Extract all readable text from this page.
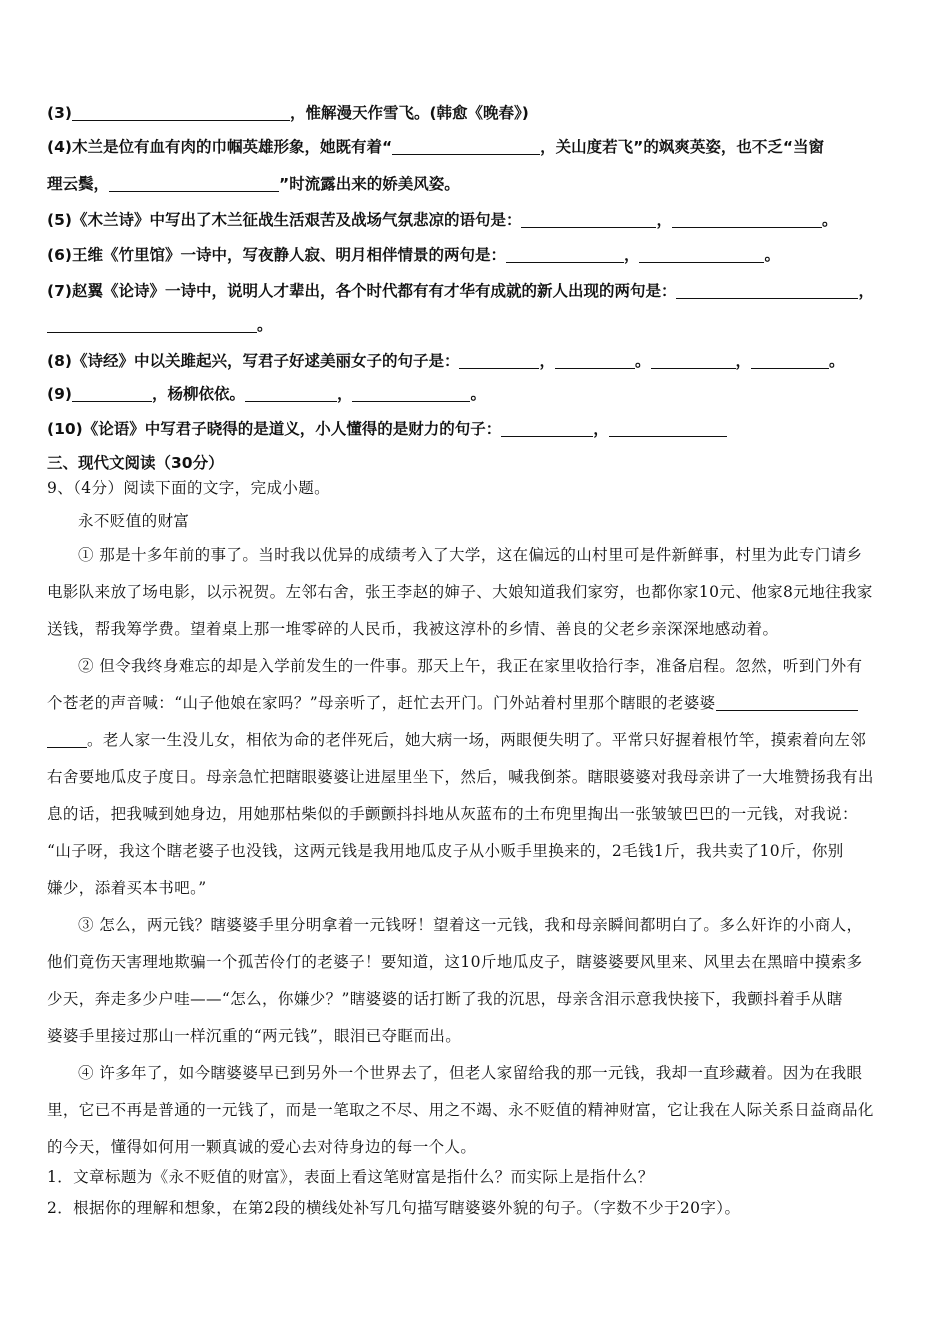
(3)	，惟解漫天作雪飞。(韩愈《晚春》)
(4)木兰是位有血有肉的巾帼英雄形象，她既有着“	，关山度若飞”的飒爽英姿，也不乏“当窗
理云鬓，	”时流露出来的娇美风姿。
(5)《木兰诗》中写出了木兰征战生活艰苦及战场气氛悲凉的语句是：	，	。
(6)王维《竹里馆》一诗中，写夜静人寂、明月相伴情景的两句是：	，	。
(7)赵翼《论诗》一诗中，说明人才辈出，各个时代都有有才华有成就的新人出现的两句是：	，
。
(8)《诗经》中以关雎起兴，写君子好逑美丽女子的句子是：	，	。	，	。
(9)	，杨柳依依。	，	。
(10)《论语》中写君子晓得的是道义，小人懂得的是财力的句子：	，
三、现代文阅读（30分）
9、（4分）阅读下面的文字，完成小题。
永不贬值的财富
① 那是十多年前的事了。当时我以优异的成绩考入了大学，这在偏远的山村里可是件新鲜事，村里为此专门请乡
电影队来放了场电影，以示祝贺。左邻右舍，张王李赵的婶子、大娘知道我们家穷，也都你家10元、他家8元地往我家
送钱，帮我筹学费。望着桌上那一堆零碎的人民币，我被这淳朴的乡情、善良的父老乡亲深深地感动着。
② 但令我终身难忘的却是入学前发生的一件事。那天上午，我正在家里收拾行李，准备启程。忽然，听到门外有
个苍老的声音喊：“山子他娘在家吗？”母亲听了，赶忙去开门。门外站着村里那个瞎眼的老婆婆
。老人家一生没儿女，相依为命的老伴死后，她大病一场，两眼便失明了。平常只好握着根竹竿，摸索着向左邻
右舍要地瓜皮子度日。母亲急忙把瞎眼婆婆让进屋里坐下，然后，喊我倒茶。瞎眼婆婆对我母亲讲了一大堆赞扬我有出
息的话，把我喊到她身边，用她那枯柴似的手颤颤抖抖地从灰蓝布的土布兜里掏出一张皱皱巴巴的一元钱，对我说：
“山子呀，我这个瞎老婆子也没钱，这两元钱是我用地瓜皮子从小贩手里换来的，2毛钱1斤，我共卖了10斤，你别
嫌少，添着买本书吧。”
③ 怎么，两元钱？瞎婆婆手里分明拿着一元钱呀！望着这一元钱，我和母亲瞬间都明白了。多么奸诈的小商人，
他们竟伤天害理地欺骗一个孤苦伶仃的老婆子！要知道，这10斤地瓜皮子，瞎婆婆要风里来、风里去在黑暗中摸索多
少天，奔走多少户哇——“怎么，你嫌少？”瞎婆婆的话打断了我的沉思，母亲含泪示意我快接下，我颤抖着手从瞎
婆婆手里接过那山一样沉重的“两元钱”，眼泪已夺眶而出。
④ 许多年了，如今瞎婆婆早已到另外一个世界去了，但老人家留给我的那一元钱，我却一直珍藏着。因为在我眼
里，它已不再是普通的一元钱了，而是一笔取之不尽、用之不竭、永不贬值的精神财富，它让我在人际关系日益商品化
的今天，懂得如何用一颗真诚的爱心去对待身边的每一个人。
1．文章标题为《永不贬值的财富》，表面上看这笔财富是指什么？而实际上是指什么？
2．根据你的理解和想象，在第2段的横线处补写几句描写瞎婆婆外貌的句子。（字数不少于20字）。
